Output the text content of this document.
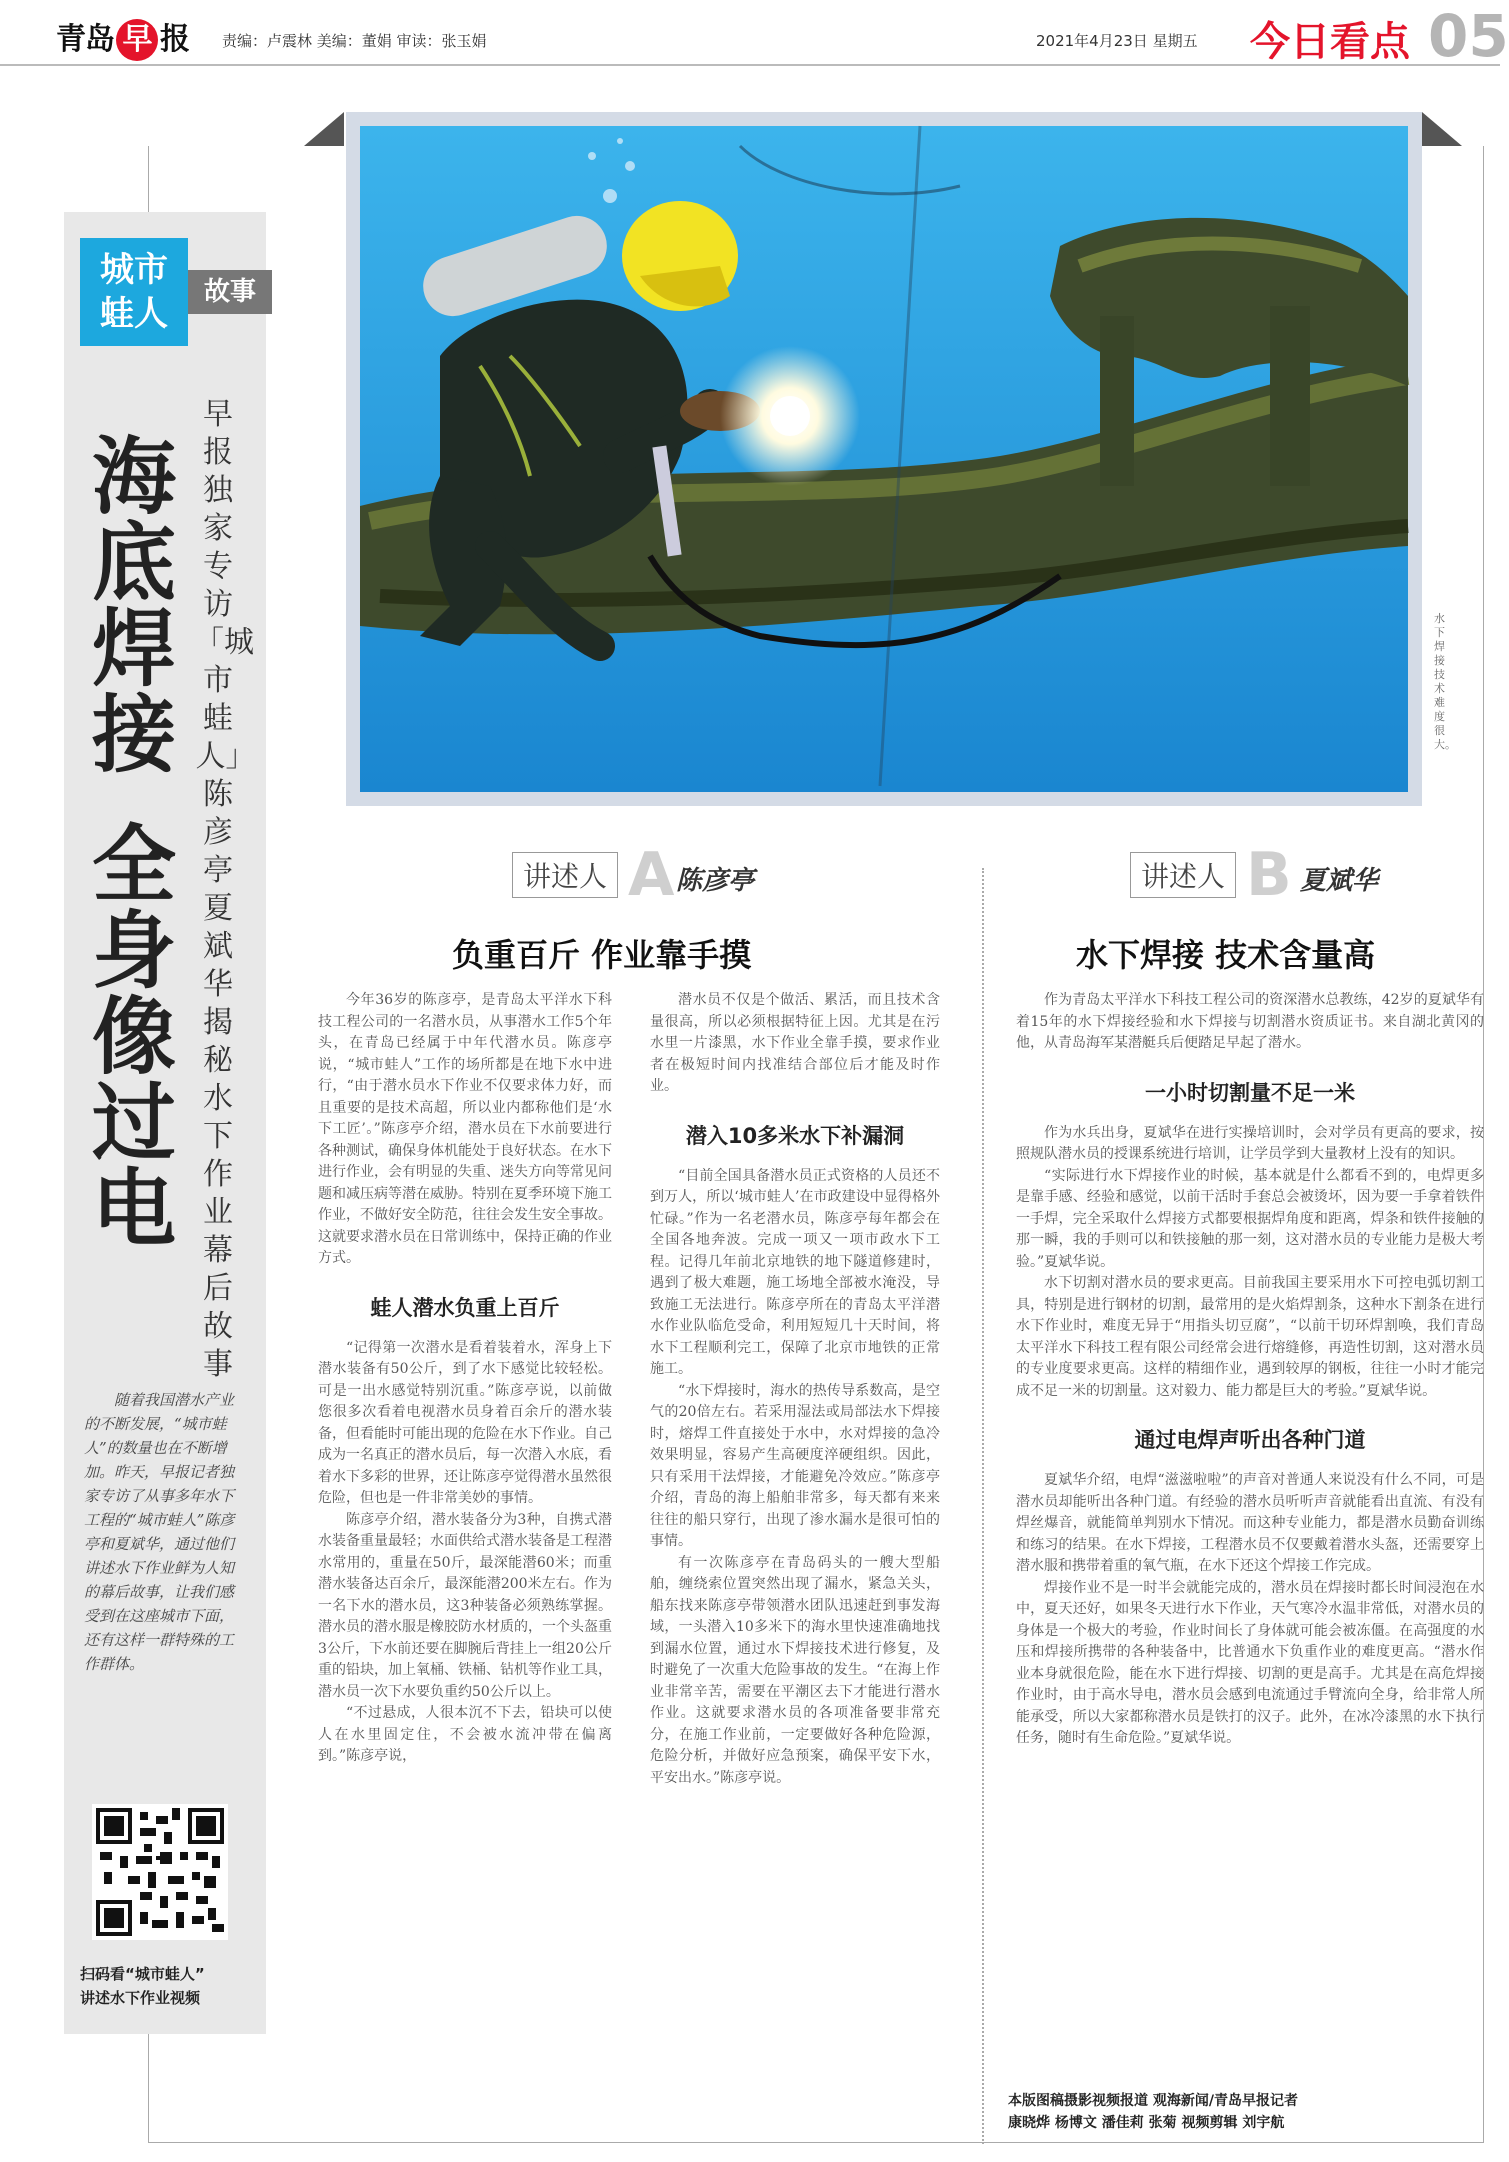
青岛 早 报 责编：卢震林 美编：董娟 审读：张玉娟	2021年4月23日 星期五 今日看点 05
城市
蛙人
故事
海底焊接
全身像过电
早报独家专访「城市蛙人」陈彦亭夏斌华 揭秘水下作业幕后故事
随着我国潜水产业的不断发展，“城市蛙人”的数量也在不断增加。昨天，早报记者独家专访了从事多年水下工程的“城市蛙人”陈彦亭和夏斌华，通过他们讲述水下作业鲜为人知的幕后故事，让我们感受到在这座城市下面，还有这样一群特殊的工作群体。
扫码看“城市蛙人”
讲述水下作业视频
水下焊接技术难度很大。
讲述人 A 陈彦亭
负重百斤 作业靠手摸

今年36岁的陈彦亭，是青岛太平洋水下科技工程公司的一名潜水员，从事潜水工作5个年头，在青岛已经属于中年代潜水员。陈彦亭说，“城市蛙人”工作的场所都是在地下水中进行，“由于潜水员水下作业不仅要求体力好，而且重要的是技术高超，所以业内都称他们是‘水下工匠’。”陈彦亭介绍，潜水员在下水前要进行各种测试，确保身体机能处于良好状态。在水下进行作业，会有明显的失重、迷失方向等常见问题和减压病等潜在威胁。特别在夏季环境下施工作业，不做好安全防范，往往会发生安全事故。这就要求潜水员在日常训练中，保持正确的作业方式。

蛙人潜水负重上百斤

“记得第一次潜水是看着装着水，浑身上下潜水装备有50公斤，到了水下感觉比较轻松。可是一出水感觉特别沉重。”陈彦亭说，以前做您很多次看着电视潜水员身着百余斤的潜水装备，但看能时可能出现的危险在水下作业。自己成为一名真正的潜水员后，每一次潜入水底，看着水下多彩的世界，还让陈彦亭觉得潜水虽然很危险，但也是一件非常美妙的事情。

陈彦亭介绍，潜水装备分为3种，自携式潜水装备重量最轻；水面供给式潜水装备是工程潜水常用的，重量在50斤，最深能潜60米；而重潜水装备达百余斤，最深能潜200米左右。作为一名下水的潜水员，这3种装备必须熟练掌握。潜水员的潜水服是橡胶防水材质的，一个头盔重3公斤，下水前还要在脚腕后背挂上一组20公斤重的铅块，加上氧桶、铁桶、钻机等作业工具，潜水员一次下水要负重约50公斤以上。

“不过悬成，人很本沉不下去，铅块可以使人在水里固定住，不会被水流冲带在偏离到。”陈彦亭说，

潜水员不仅是个做活、累活，而且技术含量很高，所以必须根据特征上因。尤其是在污水里一片漆黑，水下作业全靠手摸，要求作业者在极短时间内找准结合部位后才能及时作业。

潜入10多米水下补漏洞

“目前全国具备潜水员正式资格的人员还不到万人，所以‘城市蛙人’在市政建设中显得格外忙碌。”作为一名老潜水员，陈彦亭每年都会在全国各地奔波。完成一项又一项市政水下工程。记得几年前北京地铁的地下隧道修建时，遇到了极大难题，施工场地全部被水淹没，导致施工无法进行。陈彦亭所在的青岛太平洋潜水作业队临危受命，利用短短几十天时间，将水下工程顺利完工，保障了北京市地铁的正常施工。

“水下焊接时，海水的热传导系数高，是空气的20倍左右。若采用湿法或局部法水下焊接时，熔焊工件直接处于水中，水对焊接的急冷效果明显，容易产生高硬度淬硬组织。因此，只有采用干法焊接，才能避免冷效应。”陈彦亭介绍，青岛的海上船舶非常多，每天都有来来往往的船只穿行，出现了渗水漏水是很可怕的事情。

有一次陈彦亭在青岛码头的一艘大型船舶，缠绕索位置突然出现了漏水，紧急关头，船东找来陈彦亭带领潜水团队迅速赶到事发海域，一头潜入10多米下的海水里快速准确地找到漏水位置，通过水下焊接技术进行修复，及时避免了一次重大危险事故的发生。“在海上作业非常辛苦，需要在平潮区去下才能进行潜水作业。这就要求潜水员的各项准备要非常充分，在施工作业前，一定要做好各种危险源，危险分析，并做好应急预案，确保平安下水，平安出水。”陈彦亭说。

讲述人 B 夏斌华
水下焊接 技术含量高

作为青岛太平洋水下科技工程公司的资深潜水总教练，42岁的夏斌华有着15年的水下焊接经验和水下焊接与切割潜水资质证书。来自湖北黄冈的他，从青岛海军某潜艇兵后便踏足早起了潜水。

一小时切割量不足一米

作为水兵出身，夏斌华在进行实操培训时，会对学员有更高的要求，按照规队潜水员的授课系统进行培训，让学员学到大量教材上没有的知识。

“实际进行水下焊接作业的时候，基本就是什么都看不到的，电焊更多是靠手感、经验和感觉，以前干活时手套总会被烫坏，因为要一手拿着铁件一手焊，完全采取什么焊接方式都要根据焊角度和距离，焊条和铁件接触的那一瞬，我的手则可以和铁接触的那一刻，这对潜水员的专业能力是极大考验。”夏斌华说。

水下切割对潜水员的要求更高。目前我国主要采用水下可控电弧切割工具，特别是进行钢材的切割，最常用的是火焰焊割条，这种水下割条在进行水下作业时，难度无异于“用指头切豆腐”，“以前干切环焊割唤，我们青岛太平洋水下科技工程有限公司经常会进行熔缝修，再造性切割，这对潜水员的专业度要求更高。这样的精细作业，遇到较厚的钢板，往往一小时才能完成不足一米的切割量。这对毅力、能力都是巨大的考验。”夏斌华说。

通过电焊声听出各种门道

夏斌华介绍，电焊“滋滋啦啦”的声音对普通人来说没有什么不同，可是潜水员却能听出各种门道。有经验的潜水员听听声音就能看出直流、有没有焊丝爆音，就能简单判别水下情况。而这种专业能力，都是潜水员勤奋训练和练习的结果。在水下焊接，工程潜水员不仅要戴着潜水头盔，还需要穿上潜水服和携带着重的氧气瓶，在水下还这个焊接工作完成。

焊接作业不是一时半会就能完成的，潜水员在焊接时都长时间浸泡在水中，夏天还好，如果冬天进行水下作业，天气寒冷水温非常低，对潜水员的身体是一个极大的考验，作业时间长了身体就可能会被冻僵。在高强度的水压和焊接所携带的各种装备中，比普通水下负重作业的难度更高。“潜水作业本身就很危险，能在水下进行焊接、切割的更是高手。尤其是在高危焊接作业时，由于高水导电，潜水员会感到电流通过手臂流向全身，给非常人所能承受，所以大家都称潜水员是铁打的汉子。此外，在冰冷漆黑的水下执行任务，随时有生命危险。”夏斌华说。

本版图稿摄影视频报道 观海新闻/青岛早报记者
康晓烨 杨博文 潘佳莉 张菊 视频剪辑 刘宇航
